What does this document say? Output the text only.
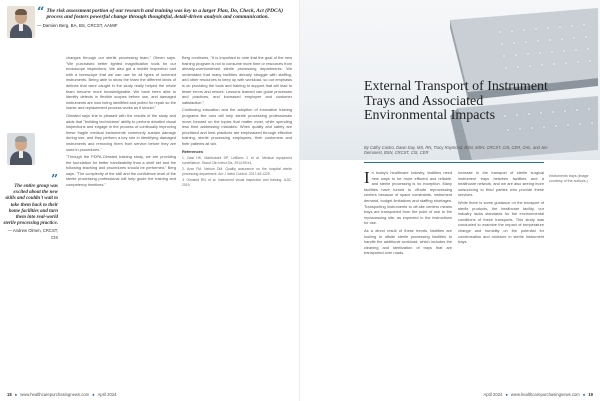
“ The risk assessment portion of our research and training was key to a larger Plan, Do, Check, Act (PDCA) process and fosters powerful change through thoughtful, detail-driven analysis and communication.
— Damien Berg, BA, BS, CRCST, AAMIF
”
The entire group was excited about the new skills and couldn't wait to take them back to their home facilities and turn them into real-world sterile processing practice.
— Andrew Olmen, CRCST, CIS

changes through our sterile processing team," Olmen says. "We purchased better lighted magnification tools for our endoscope inspections. We also got a mobile inspection cart with a borescope that we can use for all types of lumened instruments. Being able to show the team the different kinds of defects that were caught in the study really helped the whole team become more knowledgeable. We have been able to identify defects in flexible scopes before use, and damaged instruments are now being identified and pulled for repair so the loaner and replacement process works as it should."

Olmsted says she is pleased with the results of the study and adds that "building technicians' ability to perform detailed visual inspections and engage in the process of continually improving these fragile medical instruments commonly sustain damage during use, and they perform a key role in identifying damaged instruments and removing them from service before they are used in procedures."

"Through the PDPA-Olmsted training study, we are providing the foundation for better handleability than a shelf set and the following teaching and procedures should be performed," Berg says. "The complexity of the skill and the confidence level of the sterile processing professional will help guide the training and competency timelines."

Berg continues, "It is important to note that the goal of the new training program is not to consume more time or resources from already-overburdened sterile processing departments. We understand that many facilities already struggle with staffing, and other resources to keep up with workload, so our emphasis is on providing the tools and training to support that will lead to fewer errors and rework. Lessons learned can guide processes and practices, and increased employee and customer satisfaction."

Continuing education and the adoption of innovative training programs like ours will help sterile processing professionals move forward on the topics that matter most, while spending less time addressing mistakes. When quality and safety are prioritized and best practices are emphasized through effective training, sterile processing employees, their customers and their patients all win.

References

1. Dasi HK, Mahbubani DP, LeBlanc J, et al. Medical equipment surveillance. Stand Clin Infect Dis. 2014;59:e1.

2. Azar FM, Nelson DM. Quality assurance on the hospital sterile processing department. Am J Infect Control. 2017;45:1225.

3. Olmsted RN, et al. Instrument visual inspection and training. AJIC. 2019.

18 ● www.healthcarepurchasingnews.com ● April 2024
External Transport of Instrument Trays and Associated Environmental Impacts
By Cathy Castro, Dawn Day, MS, RN, Tracy Raymond, BSN, MSN, CRCST, CIS, CER, CHL, and Jen Demarest, BSN, CRCST, CIS, CER

In today's healthcare industry, facilities need new ways to be more efficient and reliable, and sterile processing is no exception. Many facilities have turned to off-site reprocessing centers because of space constraints, instrument demand, budget limitations and staffing shortages. Transporting instruments to off-site centers means trays are transported from the point of use to the reprocessing site, as expected in the instructions for use.

As a direct result of these trends, facilities are looking to offsite sterile processing facilities to handle the additional workload, which includes the cleaning and sterilization of trays that are transported over roads.

increase in the transport of sterile surgical instrument trays between facilities and a healthcare network, and we are also seeing more outsourcing to third parties who provide these services.

While there is some guidance on the transport of sterile products, the healthcare facility, our industry lacks standards for the environmental conditions of these transports. This study was conducted to examine the impact of temperature change and humidity on the potential for condensation and moisture in sterile instrument trays.

Instruments trays (image courtesy of the authors.)
April 2024 ● www.healthcarepurchasingnews.com ● 19
